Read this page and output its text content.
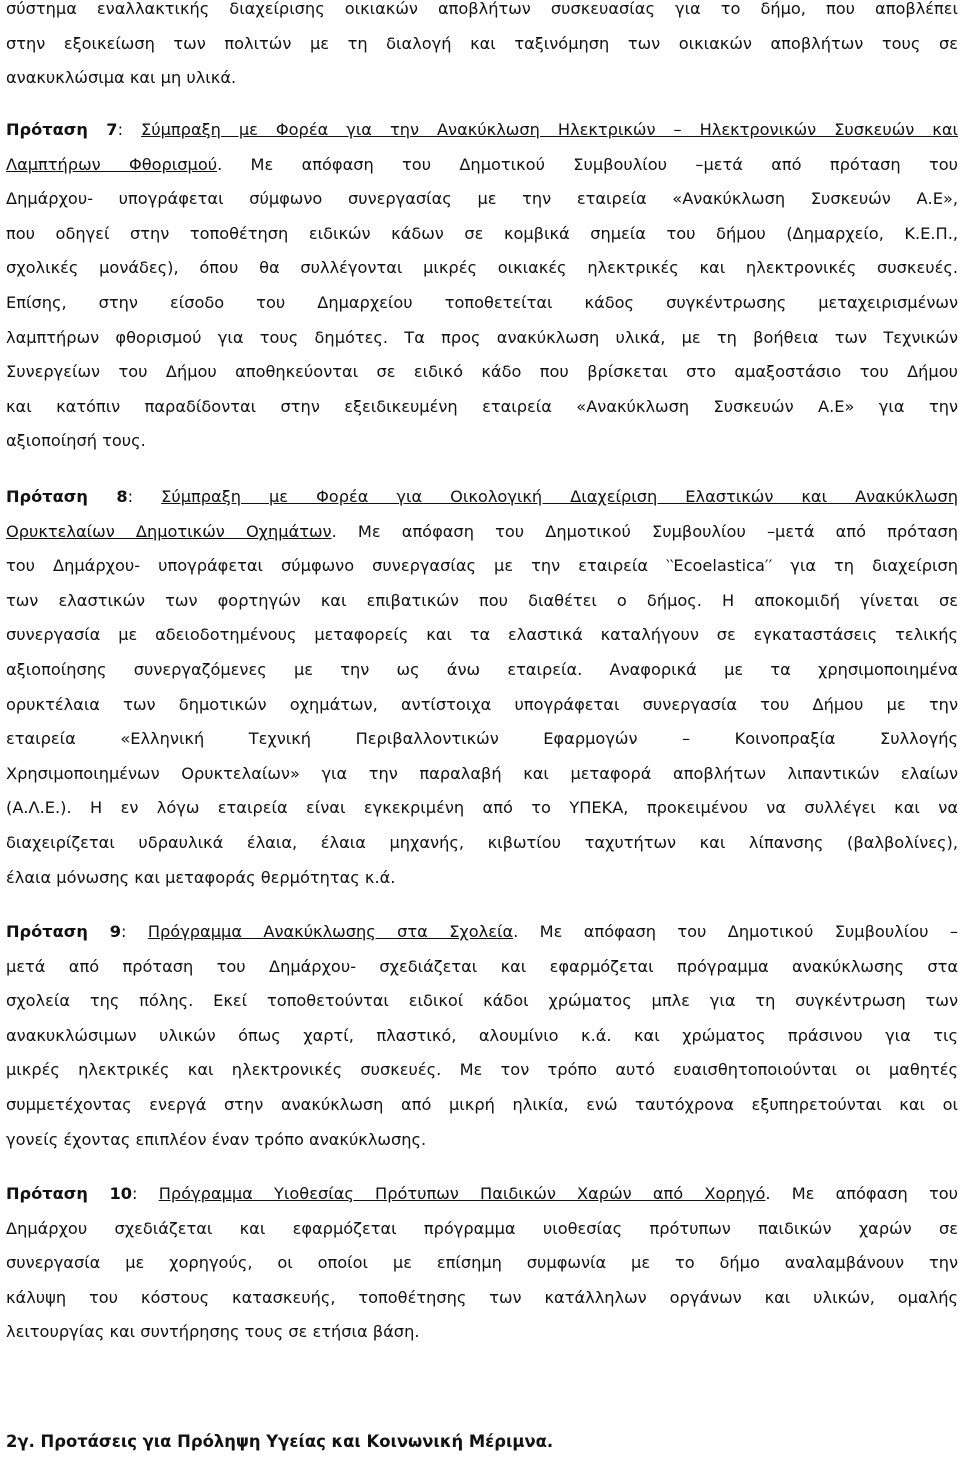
σύστημα εναλλακτικής διαχείρισης οικιακών αποβλήτων συσκευασίας για το δήμο, που αποβλέπει
στην εξοικείωση των πολιτών με τη διαλογή και ταξινόμηση των οικιακών αποβλήτων τους σε
ανακυκλώσιμα και μη υλικά.
Πρόταση 7: Σύμπραξη με Φορέα για την Ανακύκλωση Ηλεκτρικών – Ηλεκτρονικών Συσκευών και
Λαμπτήρων Φθορισμού. Με απόφαση του Δημοτικού Συμβουλίου –μετά από πρόταση του
Δημάρχου- υπογράφεται σύμφωνο συνεργασίας με την εταιρεία «Ανακύκλωση Συσκευών Α.Ε»,
που οδηγεί στην τοποθέτηση ειδικών κάδων σε κομβικά σημεία του δήμου (Δημαρχείο, Κ.Ε.Π.,
σχολικές μονάδες), όπου θα συλλέγονται μικρές οικιακές ηλεκτρικές και ηλεκτρονικές συσκευές.
Επίσης, στην είσοδο του Δημαρχείου τοποθετείται κάδος συγκέντρωσης μεταχειρισμένων
λαμπτήρων φθορισμού για τους δημότες. Τα προς ανακύκλωση υλικά, με τη βοήθεια των Τεχνικών
Συνεργείων του Δήμου αποθηκεύονται σε ειδικό κάδο που βρίσκεται στο αμαξοστάσιο του Δήμου
και κατόπιν παραδίδονται στην εξειδικευμένη εταιρεία «Ανακύκλωση Συσκευών Α.Ε» για την
αξιοποίησή τους.
Πρόταση 8: Σύμπραξη με Φορέα για Οικολογική Διαχείριση Ελαστικών και Ανακύκλωση
Ορυκτελαίων Δημοτικών Οχημάτων. Με απόφαση του Δημοτικού Συμβουλίου –μετά από πρόταση
του Δημάρχου- υπογράφεται σύμφωνο συνεργασίας με την εταιρεία ‵‵Ecoelastica′′ για τη διαχείριση
των ελαστικών των φορτηγών και επιβατικών που διαθέτει ο δήμος. Η αποκομιδή γίνεται σε
συνεργασία με αδειοδοτημένους μεταφορείς και τα ελαστικά καταλήγουν σε εγκαταστάσεις τελικής
αξιοποίησης συνεργαζόμενες με την ως άνω εταιρεία. Αναφορικά με τα χρησιμοποιημένα
ορυκτέλαια των δημοτικών οχημάτων, αντίστοιχα υπογράφεται συνεργασία του Δήμου με την
εταιρεία «Ελληνική Τεχνική Περιβαλλοντικών Εφαρμογών – Κοινοπραξία Συλλογής
Χρησιμοποιημένων Ορυκτελαίων» για την παραλαβή και μεταφορά αποβλήτων λιπαντικών ελαίων
(Α.Λ.Ε.). Η εν λόγω εταιρεία είναι εγκεκριμένη από το ΥΠΕΚΑ, προκειμένου να συλλέγει και να
διαχειρίζεται υδραυλικά έλαια, έλαια μηχανής, κιβωτίου ταχυτήτων και λίπανσης (βαλβολίνες),
έλαια μόνωσης και μεταφοράς θερμότητας κ.ά.
Πρόταση 9: Πρόγραμμα Ανακύκλωσης στα Σχολεία. Με απόφαση του Δημοτικού Συμβουλίου –
μετά από πρόταση του Δημάρχου- σχεδιάζεται και εφαρμόζεται πρόγραμμα ανακύκλωσης στα
σχολεία της πόλης. Εκεί τοποθετούνται ειδικοί κάδοι χρώματος μπλε για τη συγκέντρωση των
ανακυκλώσιμων υλικών όπως χαρτί, πλαστικό, αλουμίνιο κ.ά. και χρώματος πράσινου για τις
μικρές ηλεκτρικές και ηλεκτρονικές συσκευές. Με τον τρόπο αυτό ευαισθητοποιούνται οι μαθητές
συμμετέχοντας ενεργά στην ανακύκλωση από μικρή ηλικία, ενώ ταυτόχρονα εξυπηρετούνται και οι
γονείς έχοντας επιπλέον έναν τρόπο ανακύκλωσης.
Πρόταση 10: Πρόγραμμα Υιοθεσίας Πρότυπων Παιδικών Χαρών από Χορηγό. Με απόφαση του
Δημάρχου σχεδιάζεται και εφαρμόζεται πρόγραμμα υιοθεσίας πρότυπων παιδικών χαρών σε
συνεργασία με χορηγούς, οι οποίοι με επίσημη συμφωνία με το δήμο αναλαμβάνουν την
κάλυψη του κόστους κατασκευής, τοποθέτησης των κατάλληλων οργάνων και υλικών, ομαλής
λειτουργίας και συντήρησης τους σε ετήσια βάση.
2γ. Προτάσεις για Πρόληψη Υγείας και Κοινωνική Μέριμνα.
